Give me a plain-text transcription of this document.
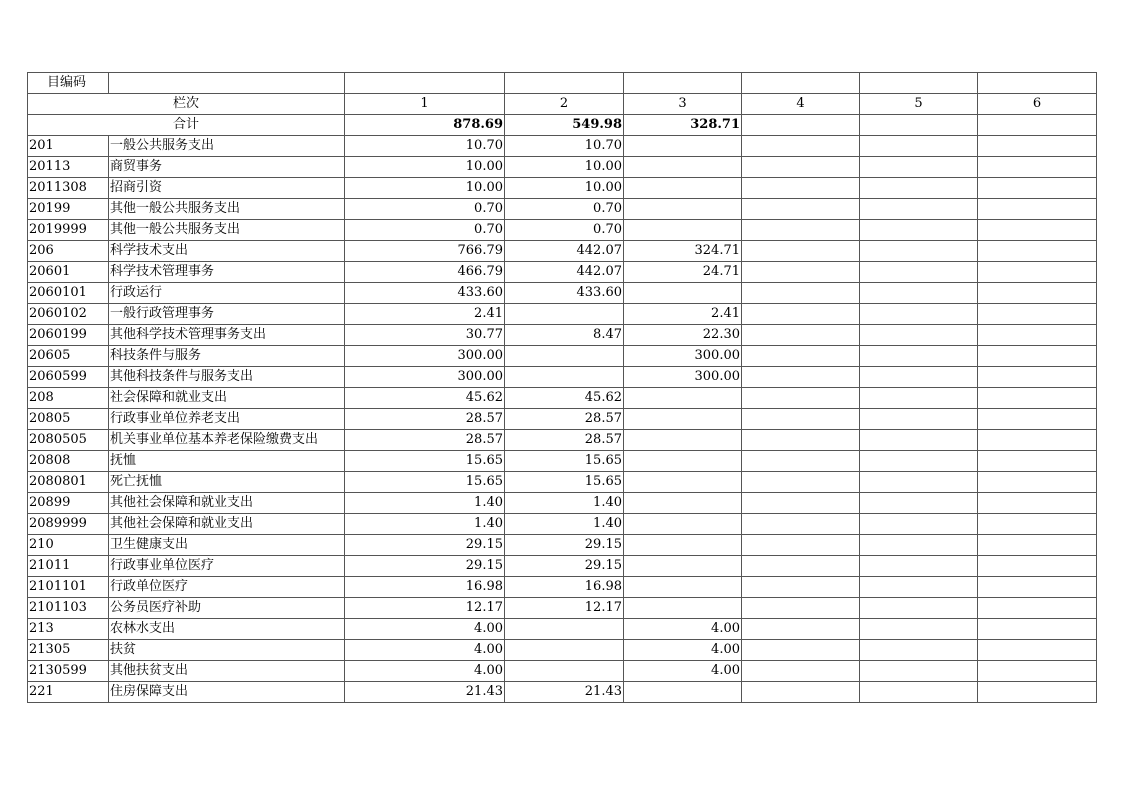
目编码							
栏次		1	2	3	4	5	6
合计		878.69	549.98	328.71			
201	一般公共服务支出	10.70	10.70				
20113	商贸事务	10.00	10.00				
2011308	招商引资	10.00	10.00				
20199	其他一般公共服务支出	0.70	0.70				
2019999	其他一般公共服务支出	0.70	0.70				
206	科学技术支出	766.79	442.07	324.71			
20601	科学技术管理事务	466.79	442.07	24.71			
2060101	行政运行	433.60	433.60				
2060102	一般行政管理事务	2.41		2.41			
2060199	其他科学技术管理事务支出	30.77	8.47	22.30			
20605	科技条件与服务	300.00		300.00			
2060599	其他科技条件与服务支出	300.00		300.00			
208	社会保障和就业支出	45.62	45.62				
20805	行政事业单位养老支出	28.57	28.57				
2080505	机关事业单位基本养老保险缴费支出	28.57	28.57				
20808	抚恤	15.65	15.65				
2080801	死亡抚恤	15.65	15.65				
20899	其他社会保障和就业支出	1.40	1.40				
2089999	其他社会保障和就业支出	1.40	1.40				
210	卫生健康支出	29.15	29.15				
21011	行政事业单位医疗	29.15	29.15				
2101101	行政单位医疗	16.98	16.98				
2101103	公务员医疗补助	12.17	12.17				
213	农林水支出	4.00		4.00			
21305	扶贫	4.00		4.00			
2130599	其他扶贫支出	4.00		4.00			
221	住房保障支出	21.43	21.43				
